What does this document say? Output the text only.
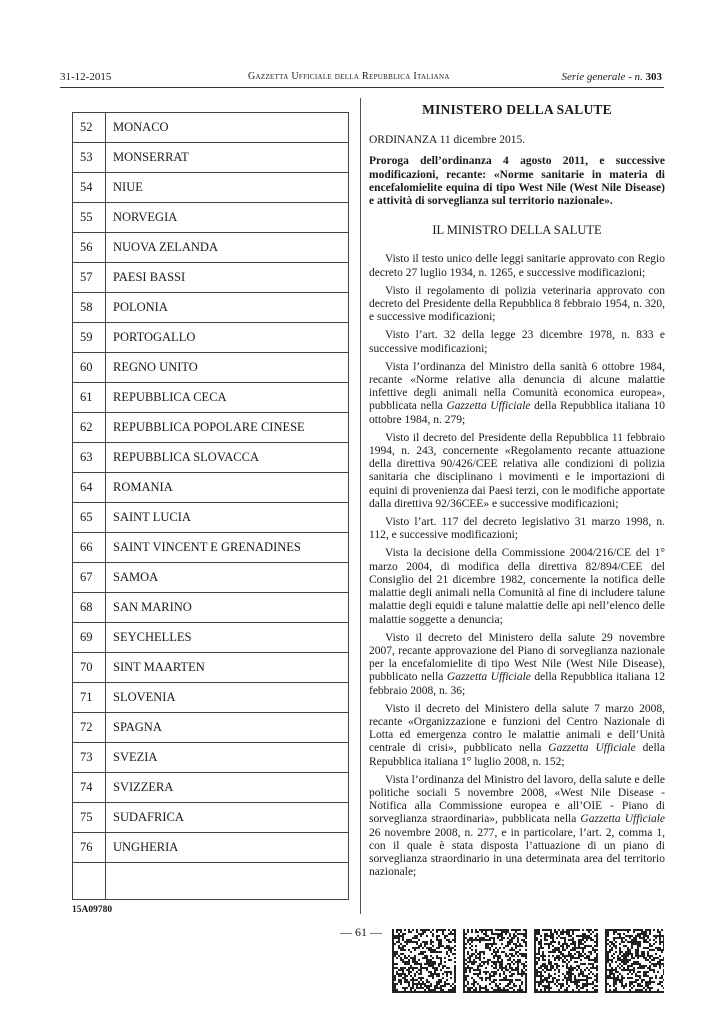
31-12-2015	Gazzetta Ufficiale della Repubblica Italiana	Serie generale - n. 303
52	MONACO
53	MONSERRAT
54	NIUE
55	NORVEGIA
56	NUOVA ZELANDA
57	PAESI BASSI
58	POLONIA
59	PORTOGALLO
60	REGNO UNITO
61	REPUBBLICA CECA
62	REPUBBLICA POPOLARE CINESE
63	REPUBBLICA SLOVACCA
64	ROMANIA
65	SAINT LUCIA
66	SAINT VINCENT E GRENADINES
67	SAMOA
68	SAN MARINO
69	SEYCHELLES
70	SINT MAARTEN
71	SLOVENIA
72	SPAGNA
73	SVEZIA
74	SVIZZERA
75	SUDAFRICA
76	UNGHERIA

15A09780
MINISTERO DELLA SALUTE
ORDINANZA 11 dicembre 2015.
Proroga dell’ordinanza 4 agosto 2011, e successive modificazioni, recante: «Norme sanitarie in materia di encefalomielite equina di tipo West Nile (West Nile Disease) e attività di sorveglianza sul territorio nazionale».
IL MINISTRO DELLA SALUTE

Visto il testo unico delle leggi sanitarie approvato con Regio decreto 27 luglio 1934, n. 1265, e successive modificazioni;

Visto il regolamento di polizia veterinaria approvato con decreto del Presidente della Repubblica 8 febbraio 1954, n. 320, e successive modificazioni;

Visto l’art. 32 della legge 23 dicembre 1978, n. 833 e successive modificazioni;

Vista l’ordinanza del Ministro della sanità 6 ottobre 1984, recante «Norme relative alla denuncia di alcune malattie infettive degli animali nella Comunità economica europea», pubblicata nella Gazzetta Ufficiale della Repubblica italiana 10 ottobre 1984, n. 279;

Visto il decreto del Presidente della Repubblica 11 febbraio 1994, n. 243, concernente «Regolamento recante attuazione della direttiva 90/426/CEE relativa alle condizioni di polizia sanitaria che disciplinano i movimenti e le importazioni di equini di provenienza dai Paesi terzi, con le modifiche apportate dalla direttiva 92/36CEE» e successive modificazioni;

Visto l’art. 117 del decreto legislativo 31 marzo 1998, n. 112, e successive modificazioni;

Vista la decisione della Commissione 2004/216/CE del 1° marzo 2004, di modifica della direttiva 82/894/CEE del Consiglio del 21 dicembre 1982, concernente la notifica delle malattie degli animali nella Comunità al fine di includere talune malattie degli equidi e talune malattie delle api nell’elenco delle malattie soggette a denuncia;

Visto il decreto del Ministero della salute 29 novembre 2007, recante approvazione del Piano di sorveglianza nazionale per la encefalomielite di tipo West Nile (West Nile Disease), pubblicato nella Gazzetta Ufficiale della Repubblica italiana 12 febbraio 2008, n. 36;

Visto il decreto del Ministero della salute 7 marzo 2008, recante «Organizzazione e funzioni del Centro Nazionale di Lotta ed emergenza contro le malattie animali e dell’Unità centrale di crisi», pubblicato nella Gazzetta Ufficiale della Repubblica italiana 1° luglio 2008, n. 152;

Vista l’ordinanza del Ministro del lavoro, della salute e delle politiche sociali 5 novembre 2008, «West Nile Disease - Notifica alla Commissione europea e all’OIE - Piano di sorveglianza straordinaria», pubblicata nella Gazzetta Ufficiale 26 novembre 2008, n. 277, e in particolare, l’art. 2, comma 1, con il quale è stata disposta l’attuazione di un piano di sorveglianza straordinario in una determinata area del territorio nazionale;

— 61 —
